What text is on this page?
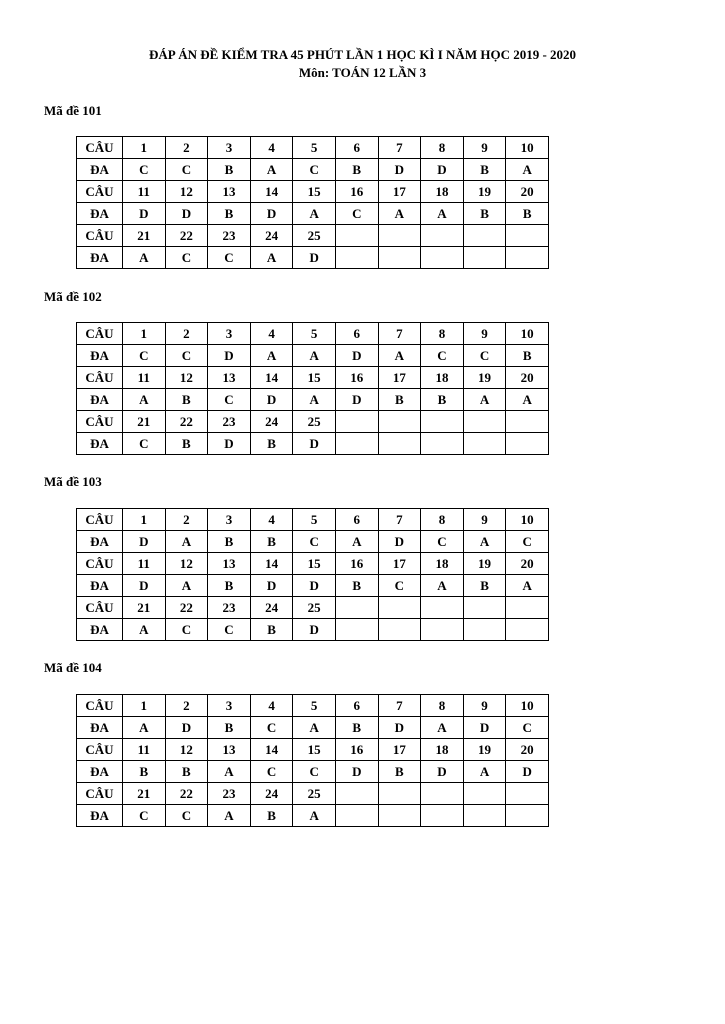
ĐÁP ÁN ĐỀ KIỂM TRA 45 PHÚT LẦN 1 HỌC KÌ I NĂM HỌC 2019 - 2020
Môn: TOÁN 12 LẦN 3
Mã đề 101
CÂU	1	2	3	4	5	6	7	8	9	10
ĐA	C	C	B	A	C	B	D	D	B	A
CÂU	11	12	13	14	15	16	17	18	19	20
ĐA	D	D	B	D	A	C	A	A	B	B
CÂU	21	22	23	24	25					
ĐA	A	C	C	A	D					
Mã đề 102
CÂU	1	2	3	4	5	6	7	8	9	10
ĐA	C	C	D	A	A	D	A	C	C	B
CÂU	11	12	13	14	15	16	17	18	19	20
ĐA	A	B	C	D	A	D	B	B	A	A
CÂU	21	22	23	24	25					
ĐA	C	B	D	B	D					
Mã đề 103
CÂU	1	2	3	4	5	6	7	8	9	10
ĐA	D	A	B	B	C	A	D	C	A	C
CÂU	11	12	13	14	15	16	17	18	19	20
ĐA	D	A	B	D	D	B	C	A	B	A
CÂU	21	22	23	24	25					
ĐA	A	C	C	B	D					
Mã đề 104
CÂU	1	2	3	4	5	6	7	8	9	10
ĐA	A	D	B	C	A	B	D	A	D	C
CÂU	11	12	13	14	15	16	17	18	19	20
ĐA	B	B	A	C	C	D	B	D	A	D
CÂU	21	22	23	24	25					
ĐA	C	C	A	B	A					
